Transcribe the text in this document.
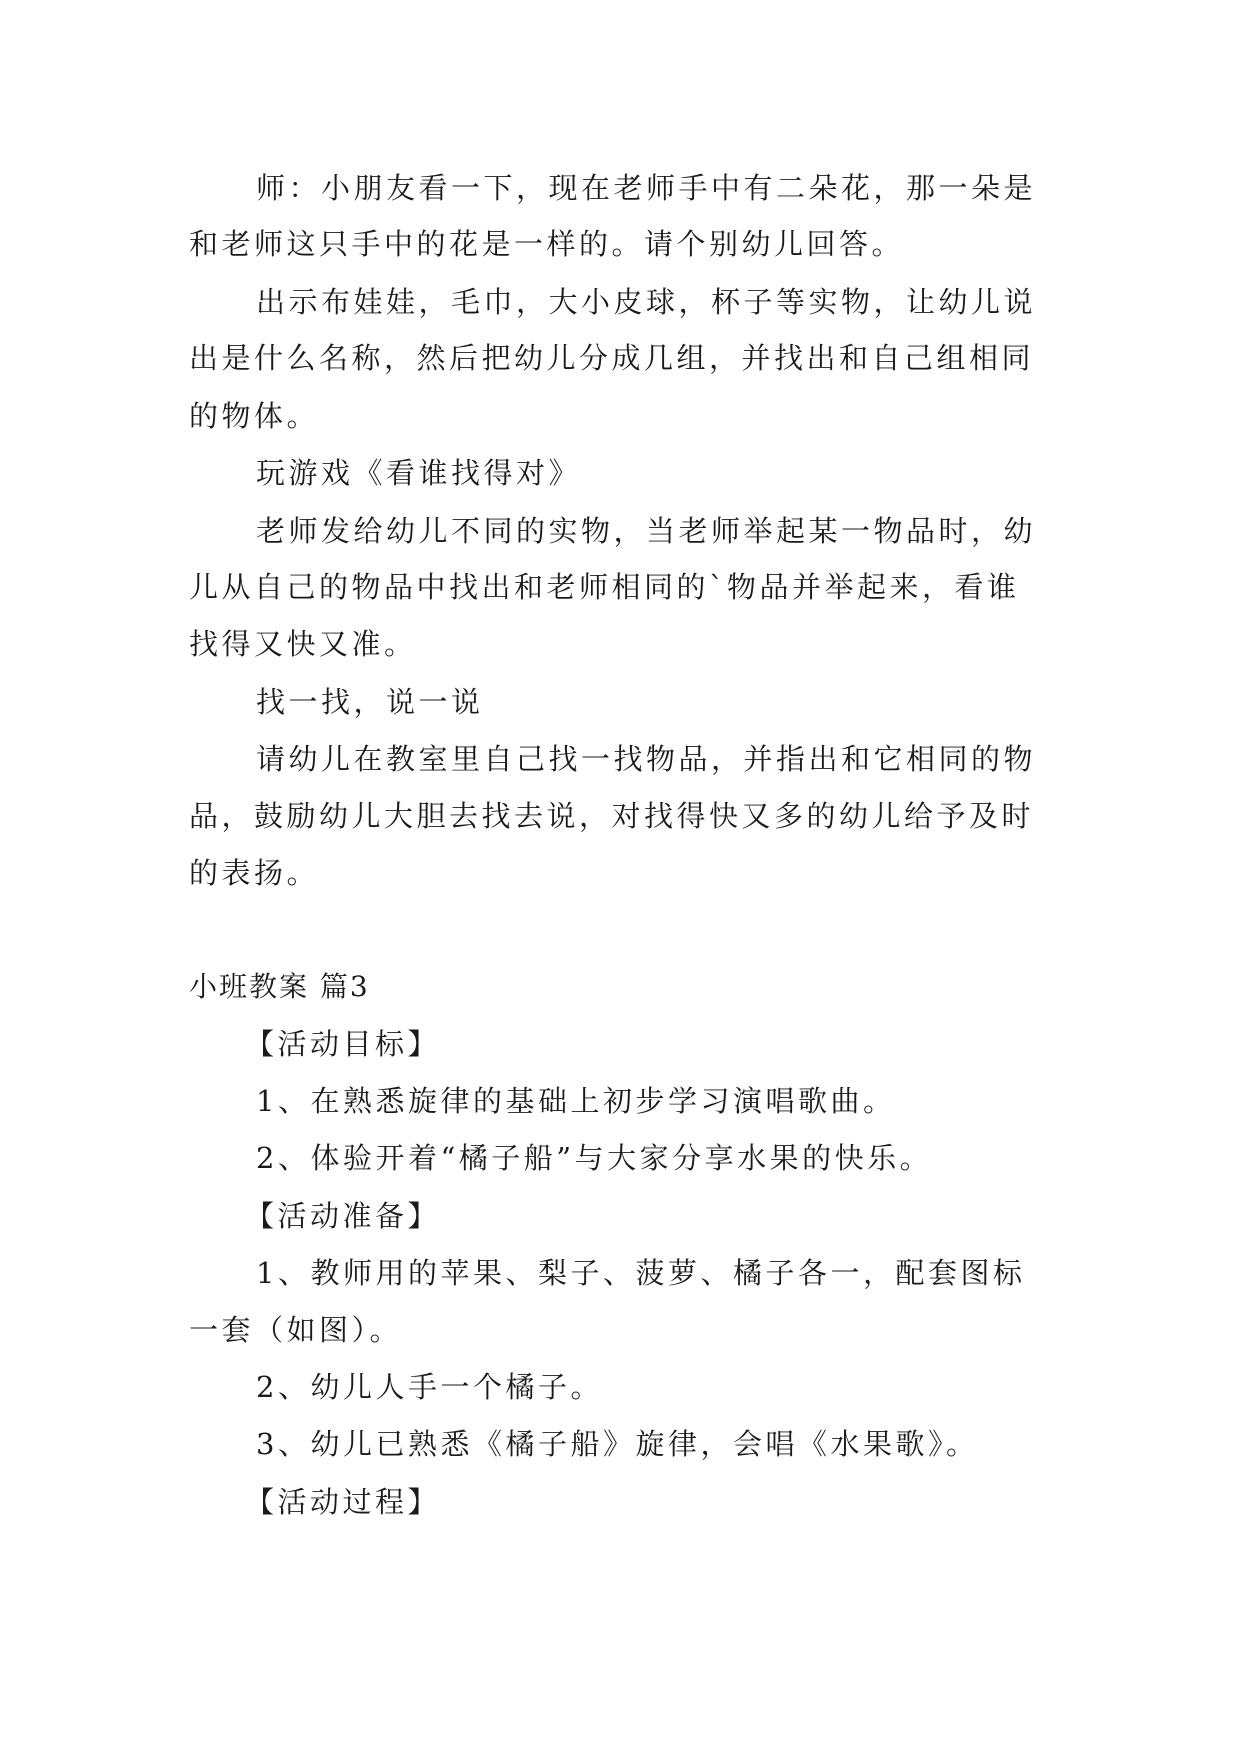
师：小朋友看一下，现在老师手中有二朵花，那一朵是
和老师这只手中的花是一样的。请个别幼儿回答。
出示布娃娃，毛巾，大小皮球，杯子等实物，让幼儿说
出是什么名称，然后把幼儿分成几组，并找出和自己组相同
的物体。
玩游戏《看谁找得对》
老师发给幼儿不同的实物，当老师举起某一物品时，幼
儿从自己的物品中找出和老师相同的`物品并举起来，看谁
找得又快又准。
找一找，说一说
请幼儿在教室里自己找一找物品，并指出和它相同的物
品，鼓励幼儿大胆去找去说，对找得快又多的幼儿给予及时
的表扬。
小班教案 篇3
【活动目标】
1、在熟悉旋律的基础上初步学习演唱歌曲。
2、体验开着“橘子船”与大家分享水果的快乐。
【活动准备】
1、教师用的苹果、梨子、菠萝、橘子各一，配套图标
一套（如图）。
2、幼儿人手一个橘子。
3、幼儿已熟悉《橘子船》旋律，会唱《水果歌》。
【活动过程】
